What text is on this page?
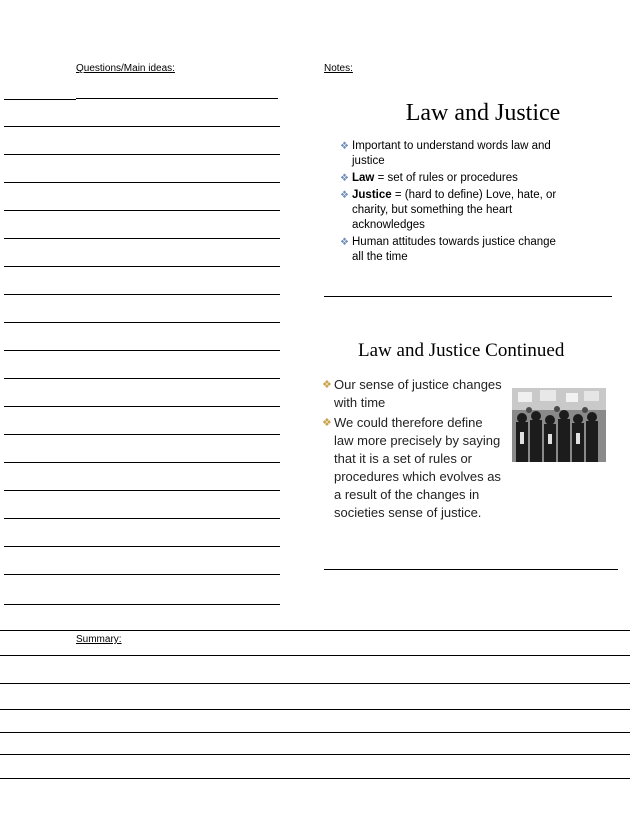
Questions/Main ideas:	Notes:
Law and Justice
❖ Important to understand words law and justice
❖ Law = set of rules or procedures
❖ Justice = (hard to define) Love, hate, or charity, but something the heart acknowledges
❖ Human attitudes towards justice change all the time
Law and Justice Continued
❖ Our sense of justice changes with time
❖ We could therefore define law more precisely by saying that it is a set of rules or procedures which evolves as a result of the changes in societies sense of justice.
Summary:
